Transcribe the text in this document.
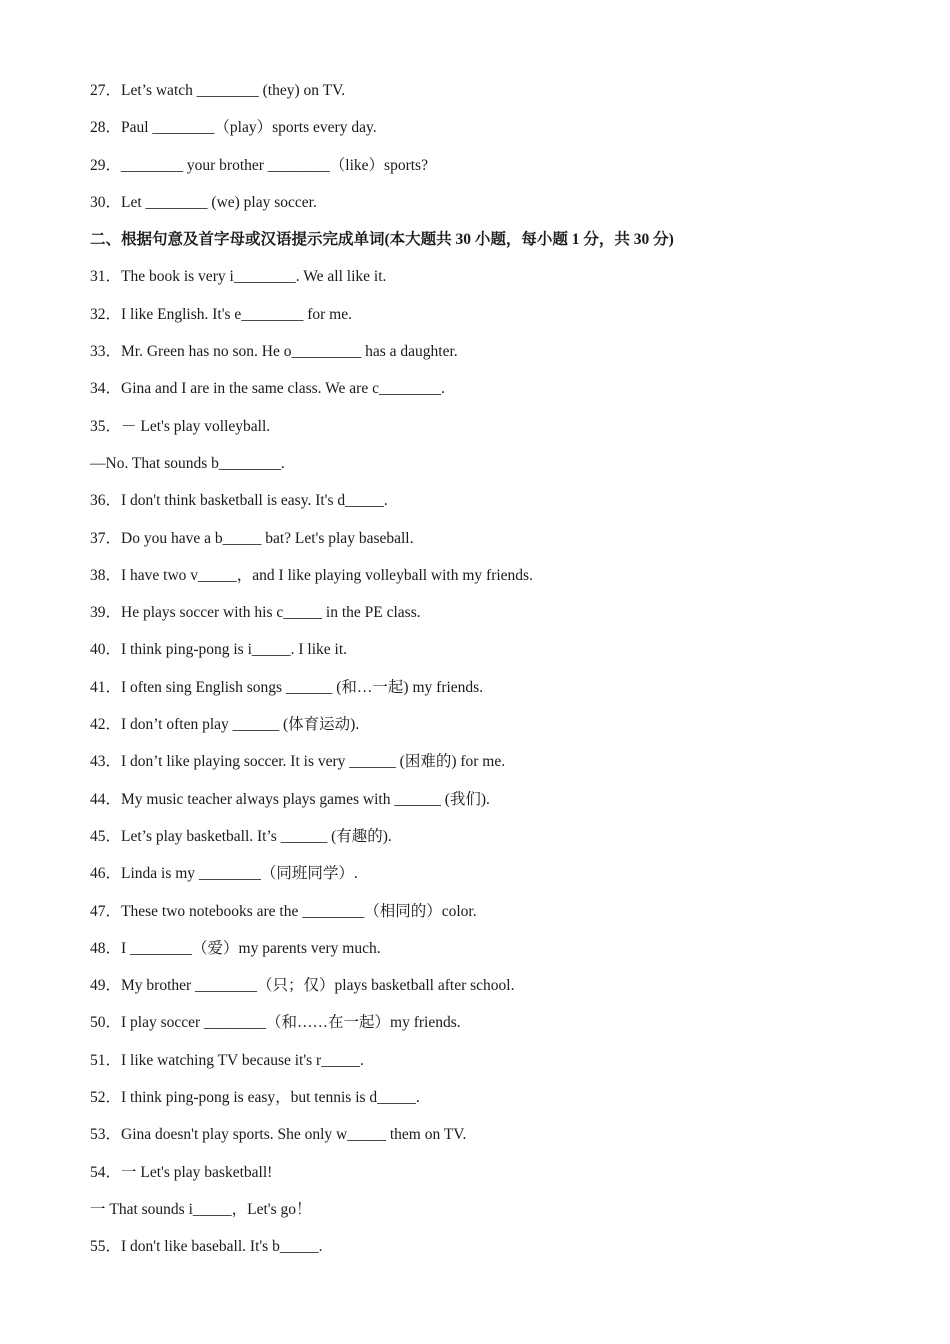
27．Let’s watch ________ (they) on TV.
28．Paul ________（play）sports every day.
29．________ your brother ________（like）sports?
30．Let ________ (we) play soccer.
二、根据句意及首字母或汉语提示完成单词(本大题共 30 小题，每小题 1 分，共 30 分)
31．The book is very i________. We all like it.
32．I like English. It's e________ for me.
33．Mr. Green has no son. He o_________ has a daughter.
34．Gina and I are in the same class. We are c________.
35．－ Let's play volleyball.
—No. That sounds b________.
36．I don't think basketball is easy. It's d_____.
37．Do you have a b_____ bat? Let's play baseball.
38．I have two v_____，and I like playing volleyball with my friends.
39．He plays soccer with his c_____ in the PE class.
40．I think ping-pong is i_____. I like it.
41．I often sing English songs ______ (和…一起) my friends.
42．I don’t often play ______ (体育运动).
43．I don’t like playing soccer. It is very ______ (困难的) for me.
44．My music teacher always plays games with ______ (我们).
45．Let’s play basketball. It’s ______ (有趣的).
46．Linda is my ________（同班同学）.
47．These two notebooks are the ________（相同的）color.
48．I ________（爱）my parents very much.
49．My brother ________（只；仅）plays basketball after school.
50．I play soccer ________（和……在一起）my friends.
51．I like watching TV because it's r_____.
52．I think ping-pong is easy，but tennis is d_____.
53．Gina doesn't play sports. She only w_____ them on TV.
54．一 Let's play basketball!
一 That sounds i_____，Let's go！
55．I don't like baseball. It's b_____.
